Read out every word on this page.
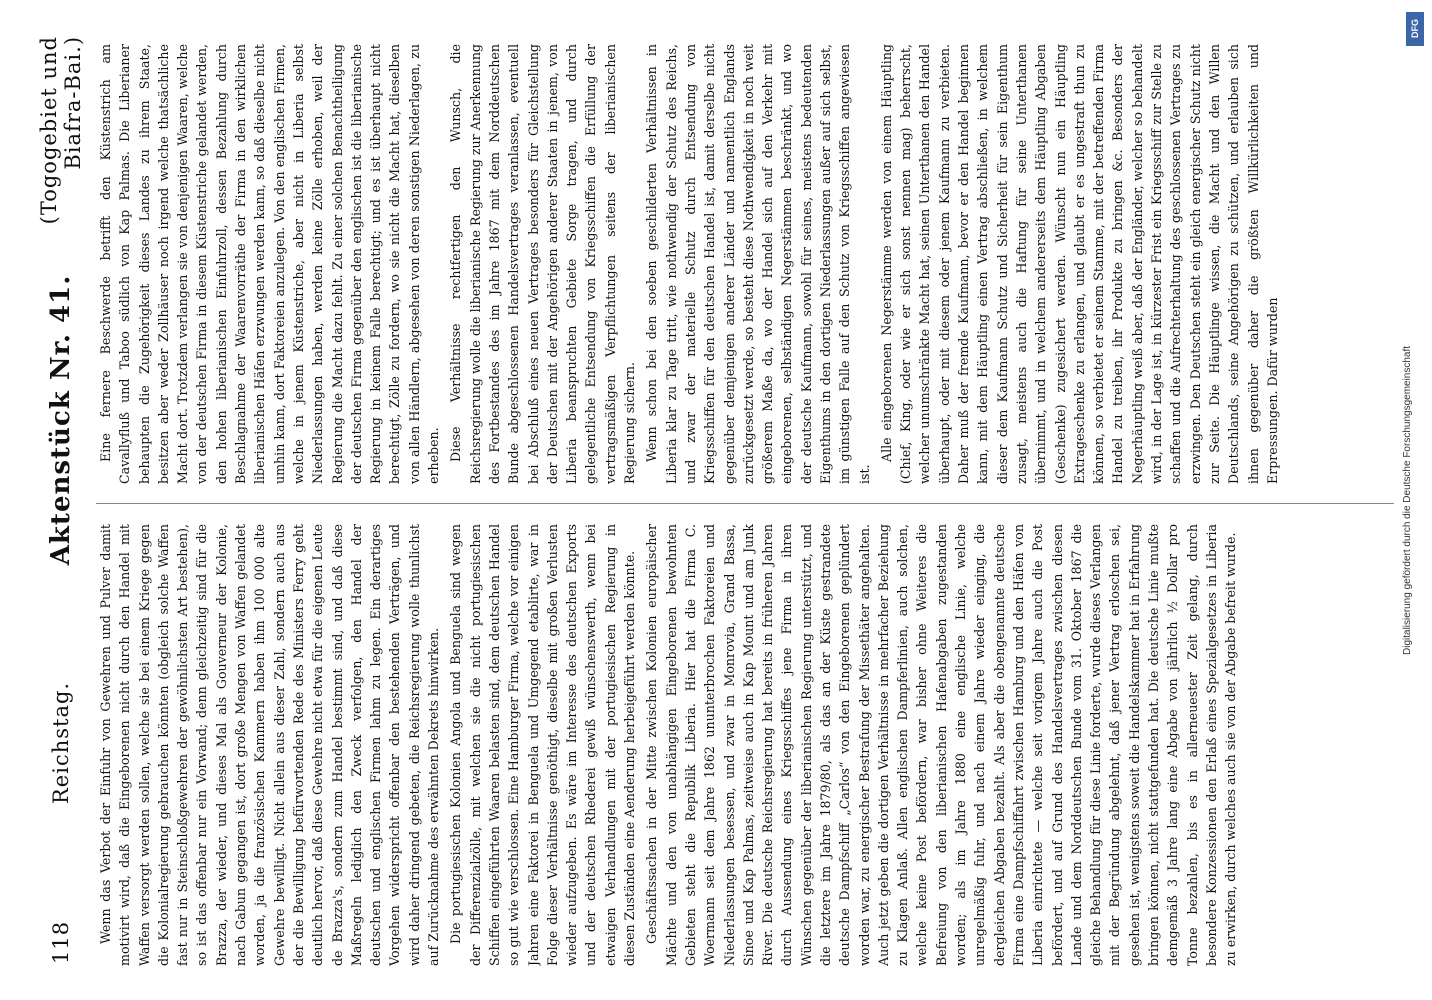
118
Reichstag.
Aktenstück Nr. 41.
(Togogebiet und Biafra-Bai.)

Wenn das Verbot der Einfuhr von Gewehren und Pulver damit motivirt wird, daß die Eingeborenen nicht durch den Handel mit Waffen versorgt werden sollen, welche sie bei einem Kriege gegen die Kolonialregierung gebrauchen könnten (obgleich solche Waffen fast nur in Steinschloßgewehren der gewöhnlichsten Art bestehen), so ist das offenbar nur ein Vorwand; denn gleichzeitig sind für die Brazza, der wieder, und dieses Mal als Gouverneur der Kolonie, nach Gabun gegangen ist, dort große Mengen von Waffen gelandet worden, ja die französischen Kammern haben ihm 100 000 alte Gewehre bewilligt. Nicht allein aus dieser Zahl, sondern auch aus der die Bewilligung befürwortenden Rede des Ministers Ferry geht deutlich hervor, daß diese Gewehre nicht etwa für die eigenen Leute de Brazza's, sondern zum Handel bestimmt sind, und daß diese Maßregeln lediglich den Zweck verfolgen, den Handel der deutschen und englischen Firmen lahm zu legen. Ein derartiges Vorgehen widerspricht offenbar den bestehenden Verträgen, und wird daher dringend gebeten, die Reichsregierung wolle thunlichst auf Zurücknahme des erwähnten Dekrets hinwirken. Die portugiesischen Kolonien Angola und Benguela sind wegen der Differenzialzölle, mit welchen sie die nicht portugiesischen Schiffen eingeführten Waaren belasten sind, dem deutschen Handel so gut wie verschlossen. Eine Hamburger Firma, welche vor einigen Jahren eine Faktorei in Benguela und Umgegend etablirte, war in Folge dieser Verhältnisse genöthigt, dieselbe mit großen Verlusten wieder aufzugeben. Es wäre im Interesse des deutschen Exports und der deutschen Rhederei gewiß wünschenswerth, wenn bei etwaigen Verhandlungen mit der portugiesischen Regierung in diesen Zuständen eine Aenderung herbeigeführt werden könnte. Geschäftssachen in der Mitte zwischen Kolonien europäischer Mächte und den von unabhängigen Eingeborenen bewohnten Gebieten steht die Republik Liberia. Hier hat die Firma C. Woermann seit dem Jahre 1862 ununterbrochen Faktoreien und Niederlassungen besessen, und zwar in Monrovia, Grand Bassa, Sinoe und Kap Palmas, zeitweise auch in Kap Mount und am Junk River. Die deutsche Reichsregierung hat bereits in früheren Jahren durch Aussendung eines Kriegsschiffes jene Firma in ihren Wünschen gegenüber der liberianischen Regierung unterstützt, und die letztere im Jahre 1879/80, als das an der Küste gestrandete deutsche Dampfschiff „Carlos“ von den Eingeborenen geplündert worden war, zu energischer Bestrafung der Missethäter angehalten. Auch jetzt geben die dortigen Verhältnisse in mehrfacher Beziehung zu Klagen Anlaß. Allen englischen Dampferlinien, auch solchen, welche keine Post befördern, war bisher ohne Weiteres die Befreiung von den liberianischen Hafenabgaben zugestanden worden; als im Jahre 1880 eine englische Linie, welche unregelmäßig fuhr, und nach einem Jahre wieder einging, die dergleichen Abgaben bezahlt. Als aber die obengenannte deutsche Firma eine Dampfschiffahrt zwischen Hamburg und den Häfen von Liberia einrichtete — welche seit vorigem Jahre auch die Post befördert, und auf Grund des Handelsvertrages zwischen diesen Lande und dem Norddeutschen Bunde vom 31. Oktober 1867 die gleiche Behandlung für diese Linie forderte, wurde dieses Verlangen mit der Begründung abgelehnt, daß jener Vertrag erloschen sei, gesehen ist, wenigstens soweit die Handelskammer hat in Erfahrung bringen können, nicht stattgefunden hat. Die deutsche Linie mußte demgemäß 3 Jahre lang eine Abgabe von jährlich ½ Dollar pro Tonne bezahlen, bis es in allerneuester Zeit gelang, durch besondere Konzessionen den Erlaß eines Spezialgesetzes in Liberia zu erwirken, durch welches auch sie von der Abgabe befreit wurde.

Eine fernere Beschwerde betrifft den Küstenstrich am Cavallyfluß und Taboo südlich von Kap Palmas. Die Liberianer behaupten die Zugehörigkeit dieses Landes zu ihrem Staate, besitzen aber weder Zollhäuser noch irgend welche thatsächliche Macht dort. Trotzdem verlangen sie von denjenigen Waaren, welche von der deutschen Firma in diesem Küstenstriche gelandet werden, den hohen liberianischen Einfuhrzoll, dessen Bezahlung durch Beschlagnahme der Waarenvorräthe der Firma in den wirklichen liberianischen Häfen erzwungen werden kann, so daß dieselbe nicht umhin kann, dort Faktoreien anzulegen. Von den englischen Firmen, welche in jenem Küstenstriche, aber nicht in Liberia selbst Niederlassungen haben, werden keine Zölle erhoben, weil der Regierung die Macht dazu fehlt. Zu einer solchen Benachtheiligung der deutschen Firma gegenüber den englischen ist die liberianische Regierung in keinem Falle berechtigt; und es ist überhaupt nicht berechtigt, Zölle zu fordern, wo sie nicht die Macht hat, dieselben von allen Händlern, abgesehen von deren sonstigen Niederlagen, zu erheben. Diese Verhältnisse rechtfertigen den Wunsch, die Reichsregierung wolle die liberianische Regierung zur Anerkennung des Fortbestandes des im Jahre 1867 mit dem Norddeutschen Bunde abgeschlossenen Handelsvertrages veranlassen, eventuell bei Abschluß eines neuen Vertrages besonders für Gleichstellung der Deutschen mit der Angehörigen anderer Staaten in jenem, von Liberia beanspruchten Gebiete Sorge tragen, und durch gelegentliche Entsendung von Kriegsschiffen die Erfüllung der vertragsmäßigen Verpflichtungen seitens der liberianischen Regierung sichern. Wenn schon bei den soeben geschilderten Verhältnissen in Liberia klar zu Tage tritt, wie nothwendig der Schutz des Reichs, und zwar der materielle Schutz durch Entsendung von Kriegsschiffen für den deutschen Handel ist, damit derselbe nicht gegenüber demjenigen anderer Länder und namentlich Englands zurückgesetzt werde, so besteht diese Nothwendigkeit in noch weit größerem Maße da, wo der Handel sich auf den Verkehr mit eingeborenen, selbständigen Negerstämmen beschränkt, und wo der deutsche Kaufmann, sowohl für seines, meistens bedeutenden Eigenthums in den dortigen Niederlassungen außer auf sich selbst, im günstigen Falle auf den Schutz von Kriegsschiffen angewiesen ist.

Alle eingeborenen Negerstämme werden von einem Häuptling (Chief, King, oder wie er sich sonst nennen mag) beherrscht, welcher unumschränkte Macht hat, seinen Unterthanen den Handel überhaupt, oder mit diesem oder jenem Kaufmann zu verbieten. Daher muß der fremde Kaufmann, bevor er den Handel beginnen kann, mit dem Häuptling einen Vertrag abschließen, in welchem dieser dem Kaufmann Schutz und Sicherheit für sein Eigenthum zusagt, meistens auch die Haftung für seine Unterthanen übernimmt, und in welchem andererseits dem Häuptling Abgaben (Geschenke) zugesichert werden. Wünscht nun ein Häuptling Extrageschenke zu erlangen, und glaubt er es ungestraft thun zu können, so verbietet er seinem Stamme, mit der betreffenden Firma Handel zu treiben, ihr Produkte zu bringen &c. Besonders der Negerhäuptling weiß aber, daß der Engländer, welcher so behandelt wird, in der Lage ist, in kürzester Frist ein Kriegsschiff zur Stelle zu schaffen und die Aufrechterhaltung des geschlossenen Vertrages zu erzwingen. Den Deutschen steht ein gleich energischer Schutz nicht zur Seite. Die Häuptlinge wissen, die Macht und den Willen Deutschlands, seine Angehörigen zu schützen, und erlauben sich ihnen gegenüber daher die größten Willkürlichkeiten und Erpressungen. Dafür wurden	Digitalisierung gefördert durch die Deutsche Forschungsgemeinschaft
DFG
